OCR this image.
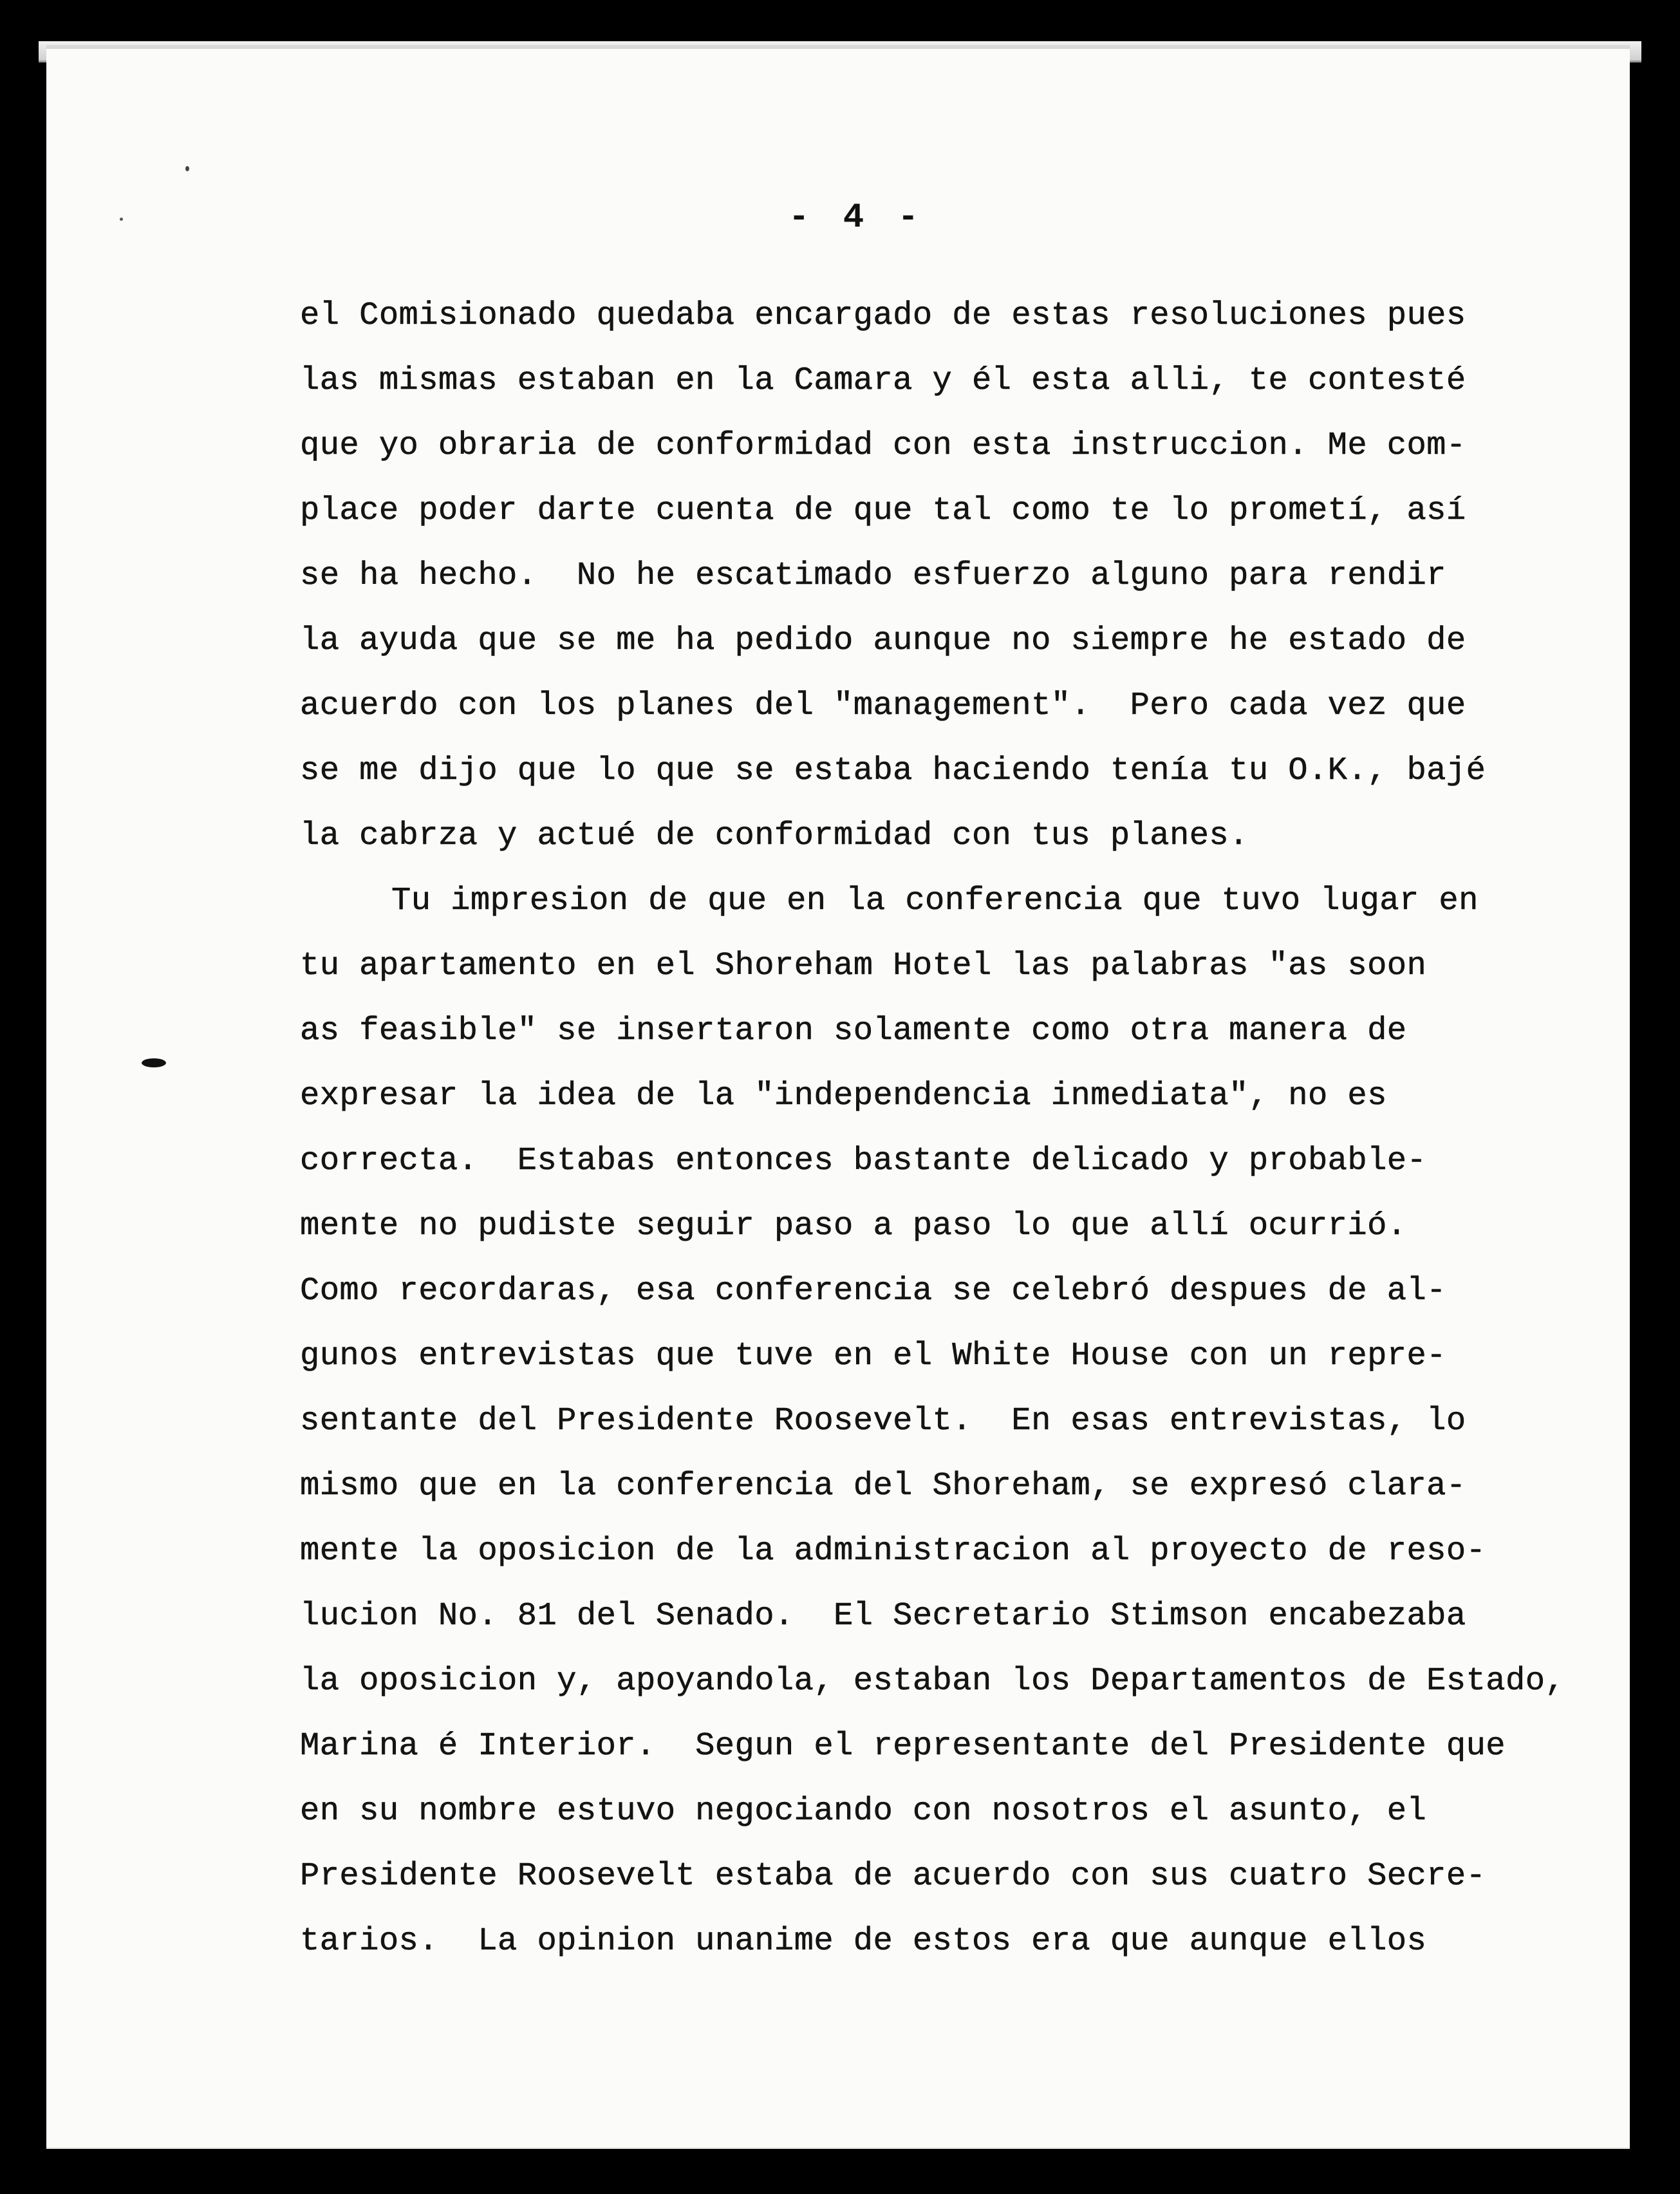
- 4 -
el Comisionado quedaba encargado de estas resoluciones pues
las mismas estaban en la Camara y él esta alli, te contesté
que yo obraria de conformidad con esta instruccion. Me com-
place poder darte cuenta de que tal como te lo prometí, así
se ha hecho.  No he escatimado esfuerzo alguno para rendir
la ayuda que se me ha pedido aunque no siempre he estado de
acuerdo con los planes del "management".  Pero cada vez que
se me dijo que lo que se estaba haciendo tenía tu O.K., bajé
la cabrza y actué de conformidad con tus planes.
Tu impresion de que en la conferencia que tuvo lugar en
tu apartamento en el Shoreham Hotel las palabras "as soon
as feasible" se insertaron solamente como otra manera de
expresar la idea de la "independencia inmediata", no es
correcta.  Estabas entonces bastante delicado y probable-
mente no pudiste seguir paso a paso lo que allí ocurrió.
Como recordaras, esa conferencia se celebró despues de al-
gunos entrevistas que tuve en el White House con un repre-
sentante del Presidente Roosevelt.  En esas entrevistas, lo
mismo que en la conferencia del Shoreham, se expresó clara-
mente la oposicion de la administracion al proyecto de reso-
lucion No. 81 del Senado.  El Secretario Stimson encabezaba
la oposicion y, apoyandola, estaban los Departamentos de Estado,
Marina é Interior.  Segun el representante del Presidente que
en su nombre estuvo negociando con nosotros el asunto, el
Presidente Roosevelt estaba de acuerdo con sus cuatro Secre-
tarios.  La opinion unanime de estos era que aunque ellos
